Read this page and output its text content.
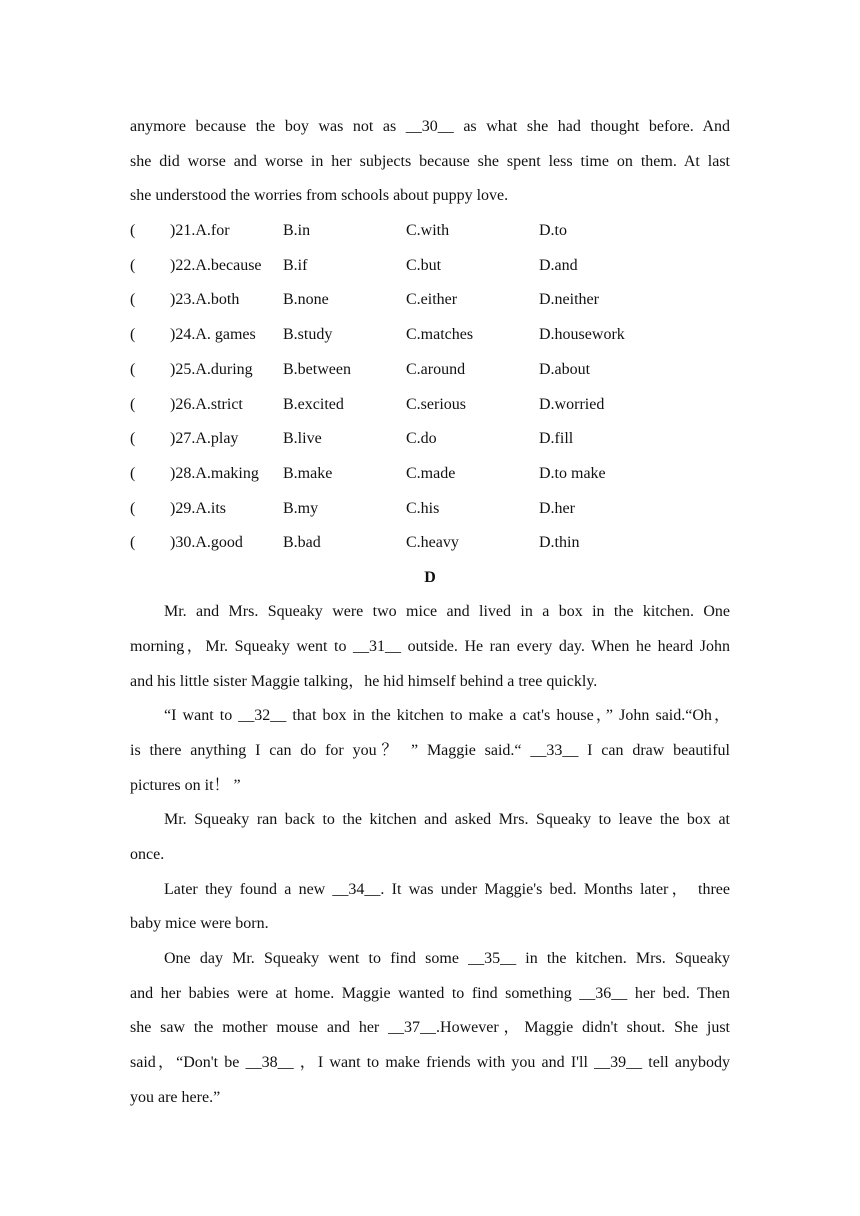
anymore because the boy was not as __30__ as what she had thought before. And
she did worse and worse in her subjects because she spent less time on them. At last
she understood the worries from schools about puppy love.
( )21.A.for	B.in	C.with	D.to
( )22.A.because B.if	C.but	D.and
( )23.A.both	B.none	C.either	D.neither
( )24.A. games B.study	C.matches	D.housework
( )25.A.during B.between	C.around	D.about
( )26.A.strict	B.excited	C.serious	D.worried
( )27.A.play	B.live	C.do	D.fill
( )28.A.making B.make	C.made	D.to make
( )29.A.its	B.my	C.his	D.her
( )30.A.good	B.bad	C.heavy	D.thin
D
Mr. and Mrs. Squeaky were two mice and lived in a box in the kitchen. One
morning，Mr. Squeaky went to __31__ outside. He ran every day. When he heard John
and his little sister Maggie talking，he hid himself behind a tree quickly.
“I want to __32__ that box in the kitchen to make a cat's house，” John said.“Oh，
is there anything I can do for you？ ” Maggie said.“ __33__ I can draw beautiful
pictures on it！ ”
Mr. Squeaky ran back to the kitchen and asked Mrs. Squeaky to leave the box at
once.
Later they found a new __34__. It was under Maggie's bed. Months later， three
baby mice were born.
One day Mr. Squeaky went to find some __35__ in the kitchen. Mrs. Squeaky
and her babies were at home. Maggie wanted to find something __36__ her bed. Then
she saw the mother mouse and her __37__.However，Maggie didn't shout. She just
said，“Don't be __38__ ，I want to make friends with you and I'll __39__ tell anybody
you are here.”
